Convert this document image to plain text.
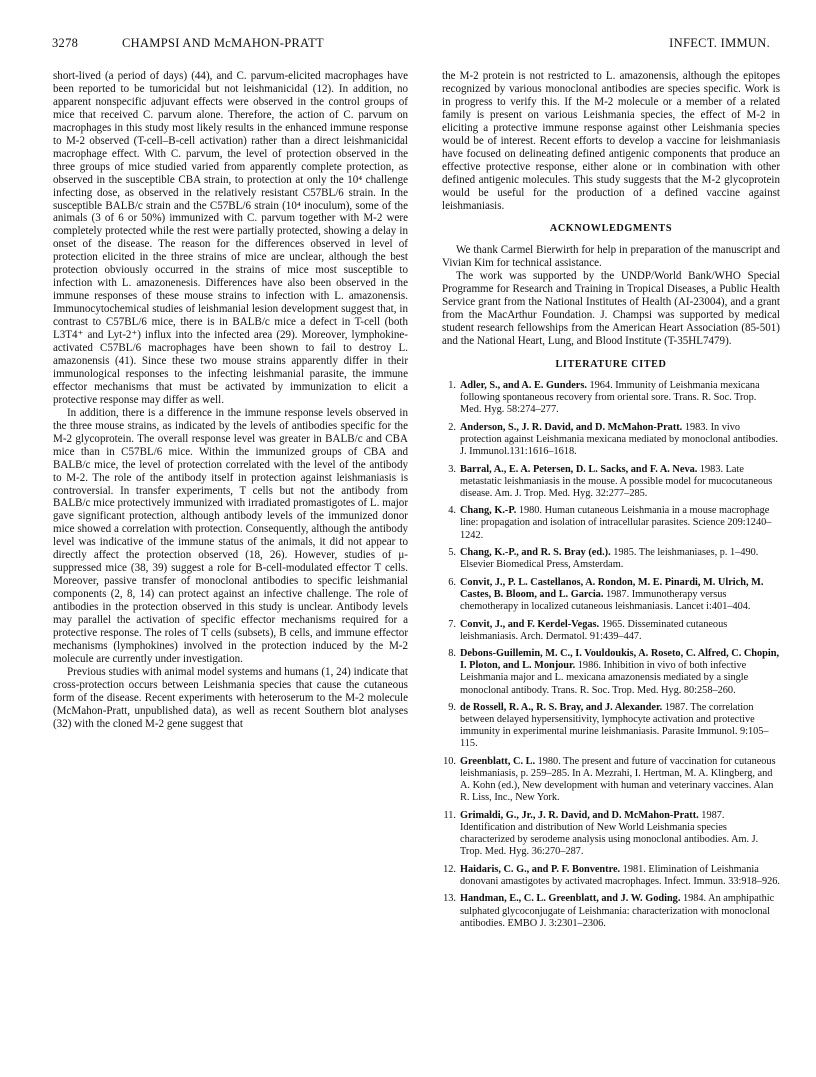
3278	CHAMPSI AND McMAHON-PRATT	INFECT. IMMUN.

short-lived (a period of days) (44), and C. parvum-elicited macrophages have been reported to be tumoricidal but not leishmanicidal (12). In addition, no apparent nonspecific adjuvant effects were observed in the control groups of mice that received C. parvum alone. Therefore, the action of C. parvum on macrophages in this study most likely results in the enhanced immune response to M-2 observed (T-cell–B-cell activation) rather than a direct leishmanicidal macrophage effect. With C. parvum, the level of protection observed in the three groups of mice studied varied from apparently complete protection, as observed in the susceptible CBA strain, to protection at only the 10⁴ challenge infecting dose, as observed in the relatively resistant C57BL/6 strain. In the susceptible BALB/c strain and the C57BL/6 strain (10⁴ inoculum), some of the animals (3 of 6 or 50%) immunized with C. parvum together with M-2 were completely protected while the rest were partially protected, showing a delay in onset of the disease. The reason for the differences observed in level of protection elicited in the three strains of mice are unclear, although the best protection obviously occurred in the strains of mice most susceptible to infection with L. amazonenesis. Differences have also been observed in the immune responses of these mouse strains to infection with L. amazonensis. Immunocytochemical studies of leishmanial lesion development suggest that, in contrast to C57BL/6 mice, there is in BALB/c mice a defect in T-cell (both L3T4⁺ and Lyt-2⁺) influx into the infected area (29). Moreover, lymphokine-activated C57BL/6 macrophages have been shown to fail to destroy L. amazonensis (41). Since these two mouse strains apparently differ in their immunological responses to the infecting leishmanial parasite, the immune effector mechanisms that must be activated by immunization to elicit a protective response may differ as well.

In addition, there is a difference in the immune response levels observed in the three mouse strains, as indicated by the levels of antibodies specific for the M-2 glycoprotein. The overall response level was greater in BALB/c and CBA mice than in C57BL/6 mice. Within the immunized groups of CBA and BALB/c mice, the level of protection correlated with the level of the antibody to M-2. The role of the antibody itself in protection against leishmaniasis is controversial. In transfer experiments, T cells but not the antibody from BALB/c mice protectively immunized with irradiated promastigotes of L. major gave significant protection, although antibody levels of the immunized donor mice showed a correlation with protection. Consequently, although the antibody level was indicative of the immune status of the animals, it did not appear to directly affect the protection observed (18, 26). However, studies of μ-suppressed mice (38, 39) suggest a role for B-cell-modulated effector T cells. Moreover, passive transfer of monoclonal antibodies to specific leishmanial components (2, 8, 14) can protect against an infective challenge. The role of antibodies in the protection observed in this study is unclear. Antibody levels may parallel the activation of specific effector mechanisms required for a protective response. The roles of T cells (subsets), B cells, and immune effector mechanisms (lymphokines) involved in the protection induced by the M-2 molecule are currently under investigation.

Previous studies with animal model systems and humans (1, 24) indicate that cross-protection occurs between Leishmania species that cause the cutaneous form of the disease. Recent experiments with heteroserum to the M-2 molecule (McMahon-Pratt, unpublished data), as well as recent Southern blot analyses (32) with the cloned M-2 gene suggest that

the M-2 protein is not restricted to L. amazonensis, although the epitopes recognized by various monoclonal antibodies are species specific. Work is in progress to verify this. If the M-2 molecule or a member of a related family is present on various Leishmania species, the effect of M-2 in eliciting a protective immune response against other Leishmania species would be of interest. Recent efforts to develop a vaccine for leishmaniasis have focused on delineating defined antigenic components that produce an effective protective response, either alone or in combination with other defined antigenic molecules. This study suggests that the M-2 glycoprotein would be useful for the production of a defined vaccine against leishmaniasis.

ACKNOWLEDGMENTS

We thank Carmel Bierwirth for help in preparation of the manuscript and Vivian Kim for technical assistance.

The work was supported by the UNDP/World Bank/WHO Special Programme for Research and Training in Tropical Diseases, a Public Health Service grant from the National Institutes of Health (AI-23004), and a grant from the MacArthur Foundation. J. Champsi was supported by medical student research fellowships from the American Heart Association (85-501) and the National Heart, Lung, and Blood Institute (T-35HL7479).

LITERATURE CITED
1. Adler, S., and A. E. Gunders. 1964. Immunity of Leishmania mexicana following spontaneous recovery from oriental sore. Trans. R. Soc. Trop. Med. Hyg. 58:274–277.
2. Anderson, S., J. R. David, and D. McMahon-Pratt. 1983. In vivo protection against Leishmania mexicana mediated by monoclonal antibodies. J. Immunol.131:1616–1618.
3. Barral, A., E. A. Petersen, D. L. Sacks, and F. A. Neva. 1983. Late metastatic leishmaniasis in the mouse. A possible model for mucocutaneous disease. Am. J. Trop. Med. Hyg. 32:277–285.
4. Chang, K.-P. 1980. Human cutaneous Leishmania in a mouse macrophage line: propagation and isolation of intracellular parasites. Science 209:1240–1242.
5. Chang, K.-P., and R. S. Bray (ed.). 1985. The leishmaniases, p. 1–490. Elsevier Biomedical Press, Amsterdam.
6. Convit, J., P. L. Castellanos, A. Rondon, M. E. Pinardi, M. Ulrich, M. Castes, B. Bloom, and L. Garcia. 1987. Immunotherapy versus chemotherapy in localized cutaneous leishmaniasis. Lancet i:401–404.
7. Convit, J., and F. Kerdel-Vegas. 1965. Disseminated cutaneous leishmaniasis. Arch. Dermatol. 91:439–447.
8. Debons-Guillemin, M. C., I. Vouldoukis, A. Roseto, C. Alfred, C. Chopin, I. Ploton, and L. Monjour. 1986. Inhibition in vivo of both infective Leishmania major and L. mexicana amazonensis mediated by a single monoclonal antibody. Trans. R. Soc. Trop. Med. Hyg. 80:258–260.
9. de Rossell, R. A., R. S. Bray, and J. Alexander. 1987. The correlation between delayed hypersensitivity, lymphocyte activation and protective immunity in experimental murine leishmaniasis. Parasite Immunol. 9:105–115.
10. Greenblatt, C. L. 1980. The present and future of vaccination for cutaneous leishmaniasis, p. 259–285. In A. Mezrahi, I. Hertman, M. A. Klingberg, and A. Kohn (ed.), New development with human and veterinary vaccines. Alan R. Liss, Inc., New York.
11. Grimaldi, G., Jr., J. R. David, and D. McMahon-Pratt. 1987. Identification and distribution of New World Leishmania species characterized by serodeme analysis using monoclonal antibodies. Am. J. Trop. Med. Hyg. 36:270–287.
12. Haidaris, C. G., and P. F. Bonventre. 1981. Elimination of Leishmania donovani amastigotes by activated macrophages. Infect. Immun. 33:918–926.
13. Handman, E., C. L. Greenblatt, and J. W. Goding. 1984. An amphipathic sulphated glycoconjugate of Leishmania: characterization with monoclonal antibodies. EMBO J. 3:2301–2306.
